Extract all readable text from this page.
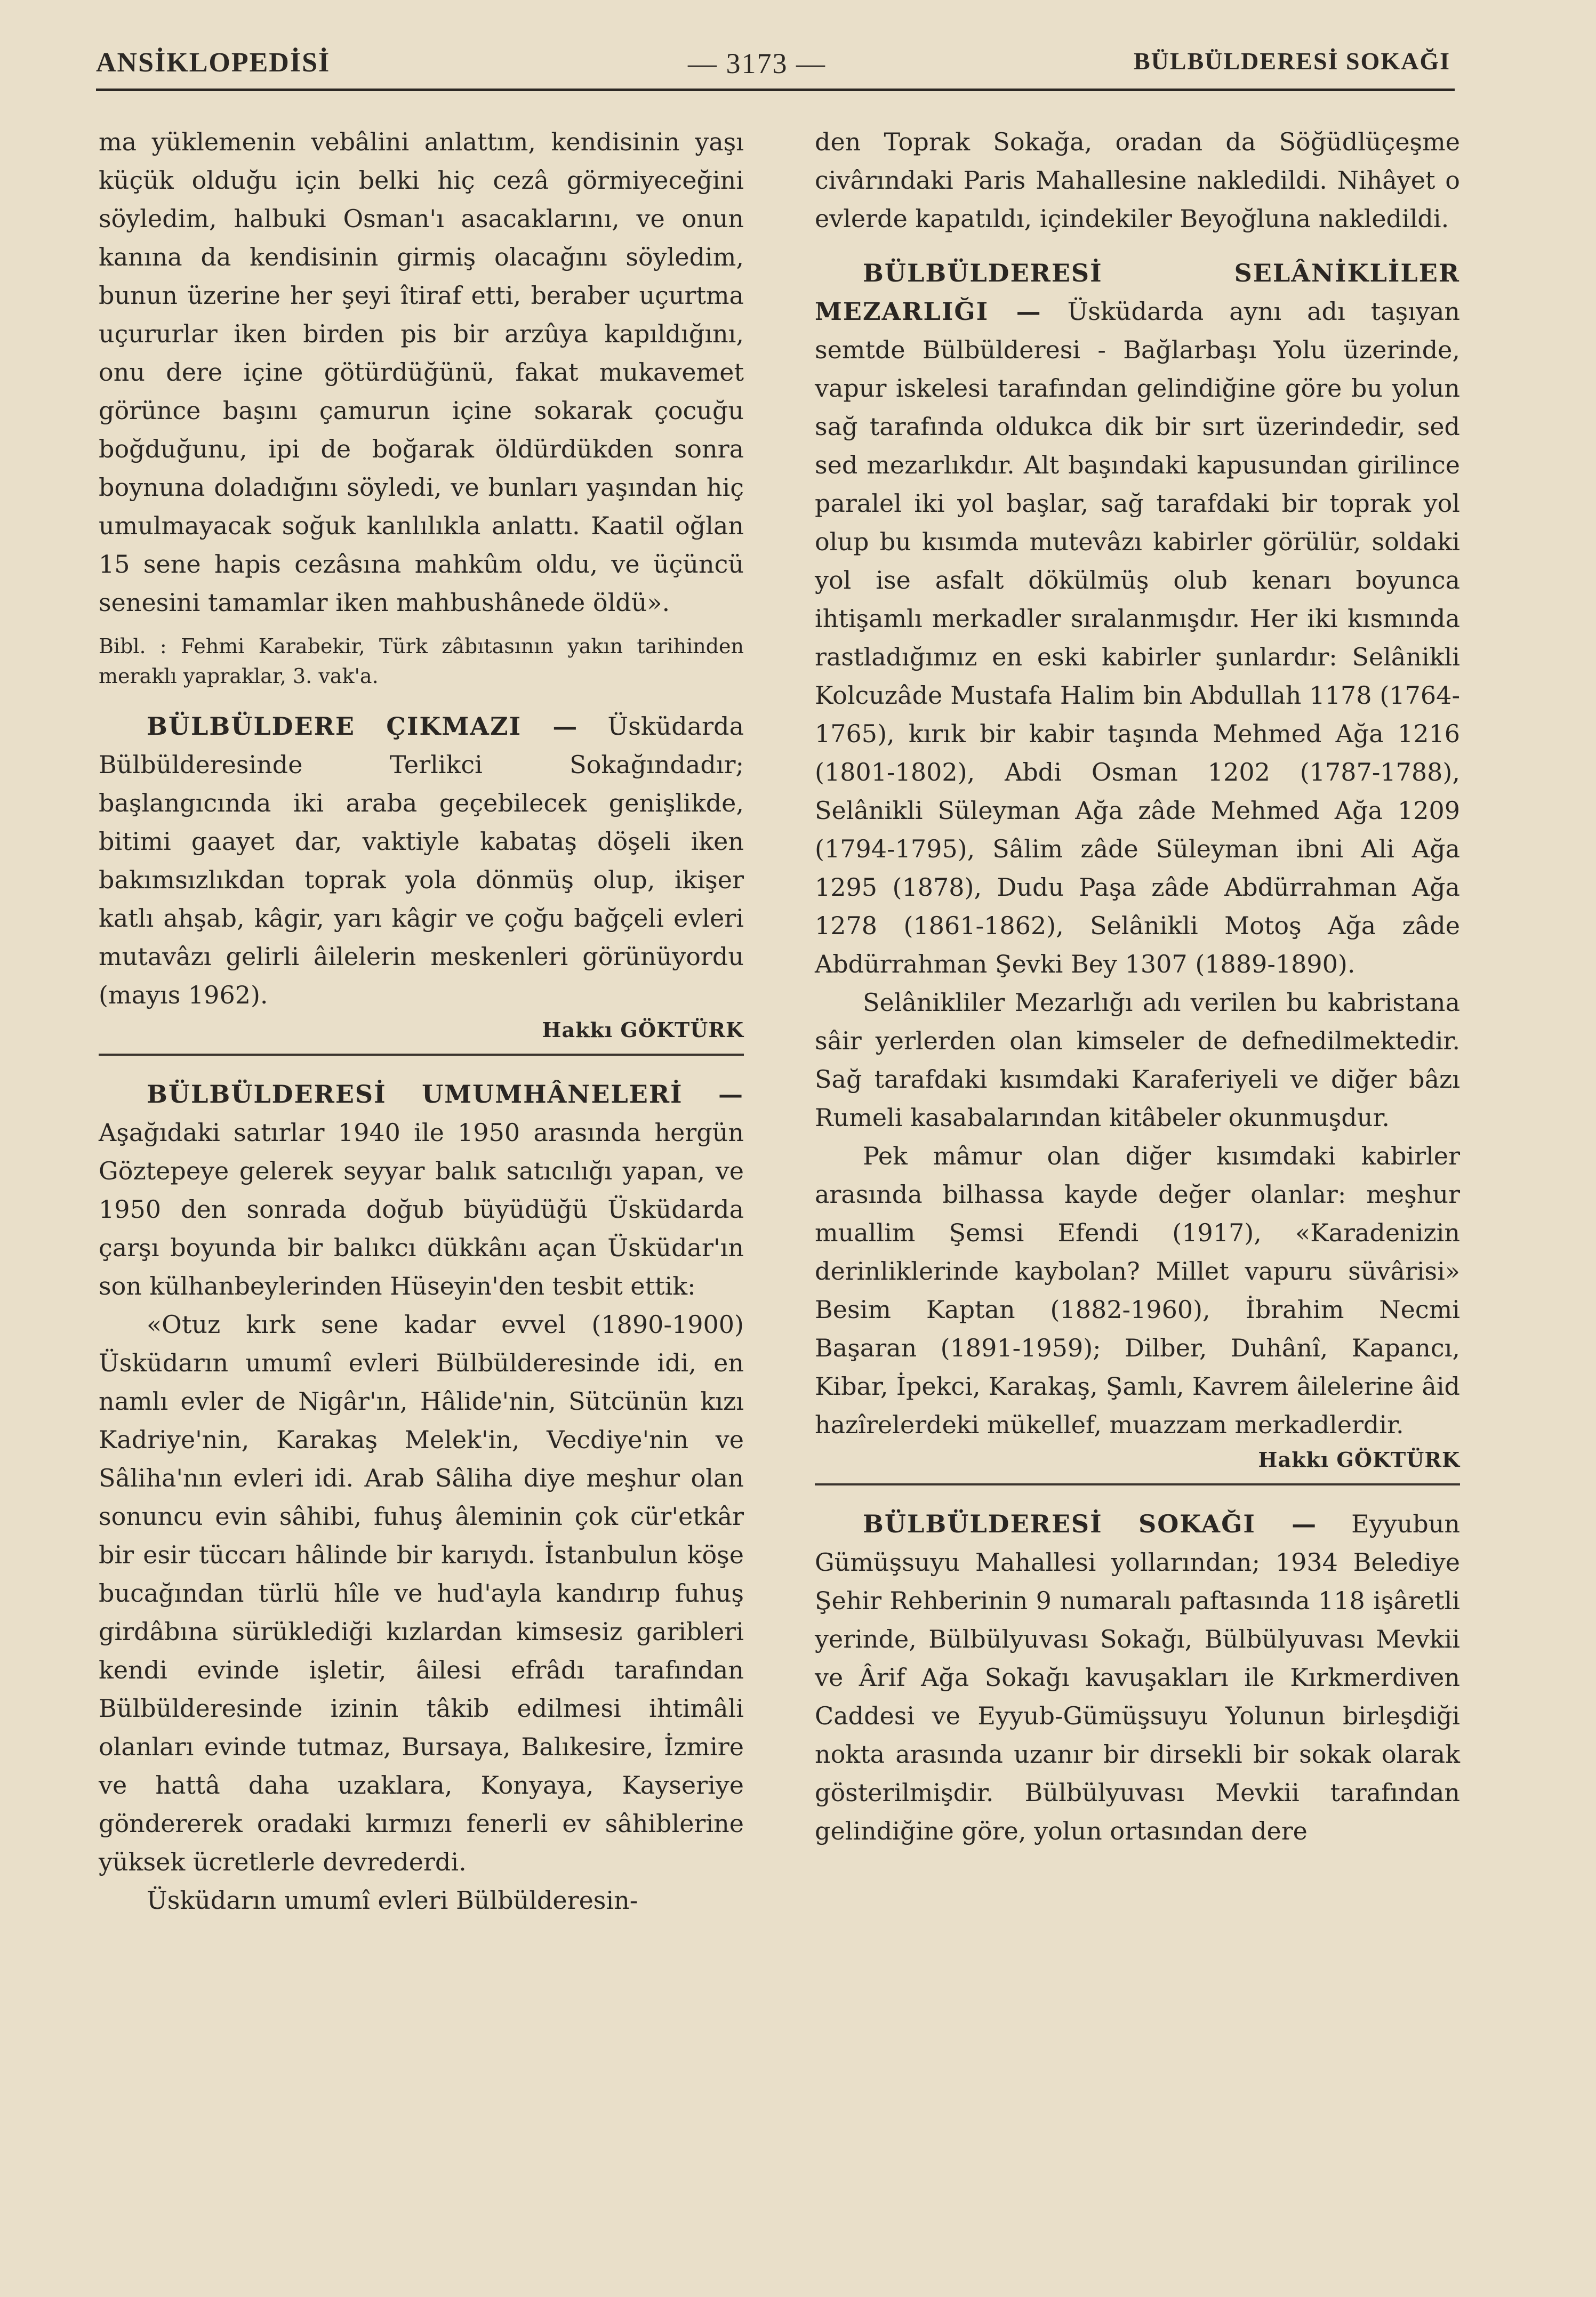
ANSİKLOPEDİSİ	— 3173 —	BÜLBÜLDERESİ SOKAĞI

ma yüklemenin vebâlini anlattım, kendisinin yaşı küçük olduğu için belki hiç cezâ görmiyeceğini söyledim, halbuki Osman'ı asacaklarını, ve onun kanına da kendisinin girmiş olacağını söyledim, bunun üzerine her şeyi îtiraf etti, beraber uçurtma uçururlar iken birden pis bir arzûya kapıldığını, onu dere içine götürdüğünü, fakat mukavemet görünce başını çamurun içine sokarak çocuğu boğduğunu, ipi de boğarak öldürdükden sonra boynuna doladığını söyledi, ve bunları yaşından hiç umulmayacak soğuk kanlılıkla anlattı. Kaatil oğlan 15 sene hapis cezâsına mahkûm oldu, ve üçüncü senesini tamamlar iken mahbushânede öldü».

Bibl. : Fehmi Karabekir, Türk zâbıtasının yakın tarihinden meraklı yapraklar, 3. vak'a.

BÜLBÜLDERE ÇIKMAZI — Üsküdarda Bülbülderesinde Terlikci Sokağındadır; başlangıcında iki araba geçebilecek genişlikde, bitimi gaayet dar, vaktiyle kabataş döşeli iken bakımsızlıkdan toprak yola dönmüş olup, ikişer katlı ahşab, kâgir, yarı kâgir ve çoğu bağçeli evleri mutavâzı gelirli âilelerin meskenleri görünüyordu (mayıs 1962).

Hakkı GÖKTÜRK

BÜLBÜLDERESİ UMUMHÂNELERİ — Aşağıdaki satırlar 1940 ile 1950 arasında hergün Göztepeye gelerek seyyar balık satıcılığı yapan, ve 1950 den sonrada doğub büyüdüğü Üsküdarda çarşı boyunda bir balıkcı dükkânı açan Üsküdar'ın son külhanbeylerinden Hüseyin'den tesbit ettik:

«Otuz kırk sene kadar evvel (1890-1900) Üsküdarın umumî evleri Bülbülderesinde idi, en namlı evler de Nigâr'ın, Hâlide'nin, Sütcünün kızı Kadriye'nin, Karakaş Melek'in, Vecdiye'nin ve Sâliha'nın evleri idi. Arab Sâliha diye meşhur olan sonuncu evin sâhibi, fuhuş âleminin çok cür'etkâr bir esir tüccarı hâlinde bir karıydı. İstanbulun köşe bucağından türlü hîle ve hud'ayla kandırıp fuhuş girdâbına sürüklediği kızlardan kimsesiz garibleri kendi evinde işletir, âilesi efrâdı tarafından Bülbülderesinde izinin tâkib edilmesi ihtimâli olanları evinde tutmaz, Bursaya, Balıkesire, İzmire ve hattâ daha uzaklara, Konyaya, Kayseriye göndererek oradaki kırmızı fenerli ev sâhiblerine yüksek ücretlerle devrederdi.

Üsküdarın umumî evleri Bülbülderesin-

den Toprak Sokağa, oradan da Söğüdlüçeşme civârındaki Paris Mahallesine nakledildi. Nihâyet o evlerde kapatıldı, içindekiler Beyoğluna nakledildi.

BÜLBÜLDERESİ SELÂNİKLİLER MEZARLIĞI — Üsküdarda aynı adı taşıyan semtde Bülbülderesi - Bağlarbaşı Yolu üzerinde, vapur iskelesi tarafından gelindiğine göre bu yolun sağ tarafında oldukca dik bir sırt üzerindedir, sed sed mezarlıkdır. Alt başındaki kapusundan girilince paralel iki yol başlar, sağ tarafdaki bir toprak yol olup bu kısımda mutevâzı kabirler görülür, soldaki yol ise asfalt dökülmüş olub kenarı boyunca ihtişamlı merkadler sıralanmışdır. Her iki kısmında rastladığımız en eski kabirler şunlardır: Selânikli Kolcuzâde Mustafa Halim bin Abdullah 1178 (1764-1765), kırık bir kabir taşında Mehmed Ağa 1216 (1801-1802), Abdi Osman 1202 (1787-1788), Selânikli Süleyman Ağa zâde Mehmed Ağa 1209 (1794-1795), Sâlim zâde Süleyman ibni Ali Ağa 1295 (1878), Dudu Paşa zâde Abdürrahman Ağa 1278 (1861-1862), Selânikli Motoş Ağa zâde Abdürrahman Şevki Bey 1307 (1889-1890).

Selânikliler Mezarlığı adı verilen bu kabristana sâir yerlerden olan kimseler de defnedilmektedir. Sağ tarafdaki kısımdaki Karaferiyeli ve diğer bâzı Rumeli kasabalarından kitâbeler okunmuşdur.

Pek mâmur olan diğer kısımdaki kabirler arasında bilhassa kayde değer olanlar: meşhur muallim Şemsi Efendi (1917), «Karadenizin derinliklerinde kaybolan? Millet vapuru süvârisi» Besim Kaptan (1882-1960), İbrahim Necmi Başaran (1891-1959); Dilber, Duhânî, Kapancı, Kibar, İpekci, Karakaş, Şamlı, Kavrem âilelerine âid hazîrelerdeki mükellef, muazzam merkadlerdir.

Hakkı GÖKTÜRK

BÜLBÜLDERESİ SOKAĞI — Eyyubun Gümüşsuyu Mahallesi yollarından; 1934 Belediye Şehir Rehberinin 9 numaralı paftasında 118 işâretli yerinde, Bülbülyuvası Sokağı, Bülbülyuvası Mevkii ve Ârif Ağa Sokağı kavuşakları ile Kırkmerdiven Caddesi ve Eyyub-Gümüşsuyu Yolunun birleşdiği nokta arasında uzanır bir dirsekli bir sokak olarak gösterilmişdir. Bülbülyuvası Mevkii tarafından gelindiğine göre, yolun ortasından dere
